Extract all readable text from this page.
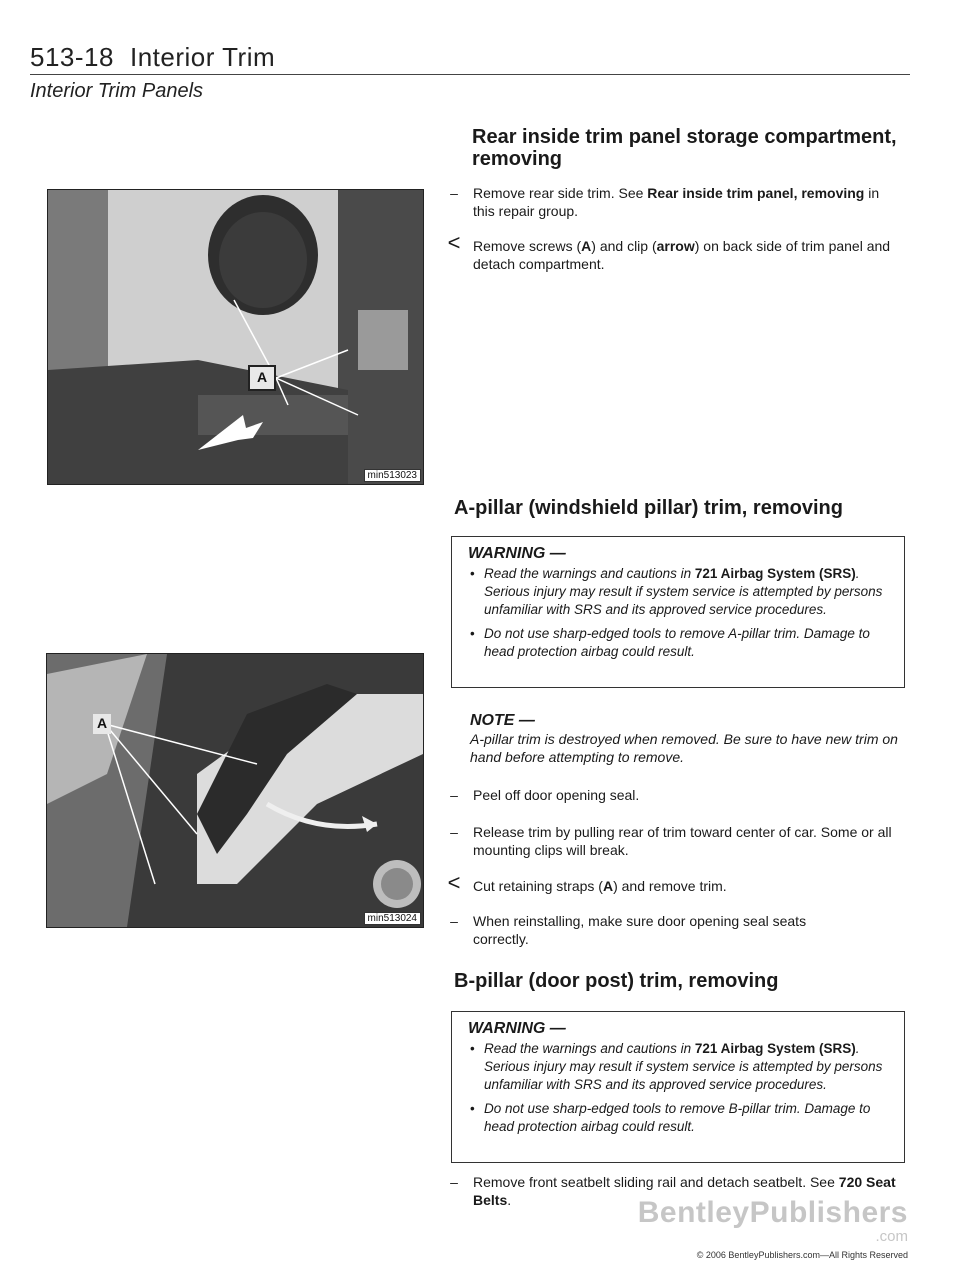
513-18 Interior Trim
Interior Trim Panels
A
min513023
Rear inside trim panel storage compartment, removing
–	Remove rear side trim. See Rear inside trim panel, removing in this repair group.
< Remove screws (A) and clip (arrow) on back side of trim panel and detach compartment.
A-pillar (windshield pillar) trim, removing
WARNING —
• Read the warnings and cautions in 721 Airbag System (SRS). Serious injury may result if system service is attempted by persons unfamiliar with SRS and its approved service procedures.
• Do not use sharp-edged tools to remove A-pillar trim. Damage to head protection airbag could result.
NOTE —
A-pillar trim is destroyed when removed. Be sure to have new trim on hand before attempting to remove.
–	Peel off door opening seal.
–	Release trim by pulling rear of trim toward center of car. Some or all mounting clips will break.
< Cut retaining straps (A) and remove trim.
–	When reinstalling, make sure door opening seal seats correctly.
A
min513024
B-pillar (door post) trim, removing
WARNING —
• Read the warnings and cautions in 721 Airbag System (SRS). Serious injury may result if system service is attempted by persons unfamiliar with SRS and its approved service procedures.
• Do not use sharp-edged tools to remove B-pillar trim. Damage to head protection airbag could result.
–	Remove front seatbelt sliding rail and detach seatbelt. See 720 Seat Belts.	BentleyPublishers
.com
© 2006 BentleyPublishers.com—All Rights Reserved
